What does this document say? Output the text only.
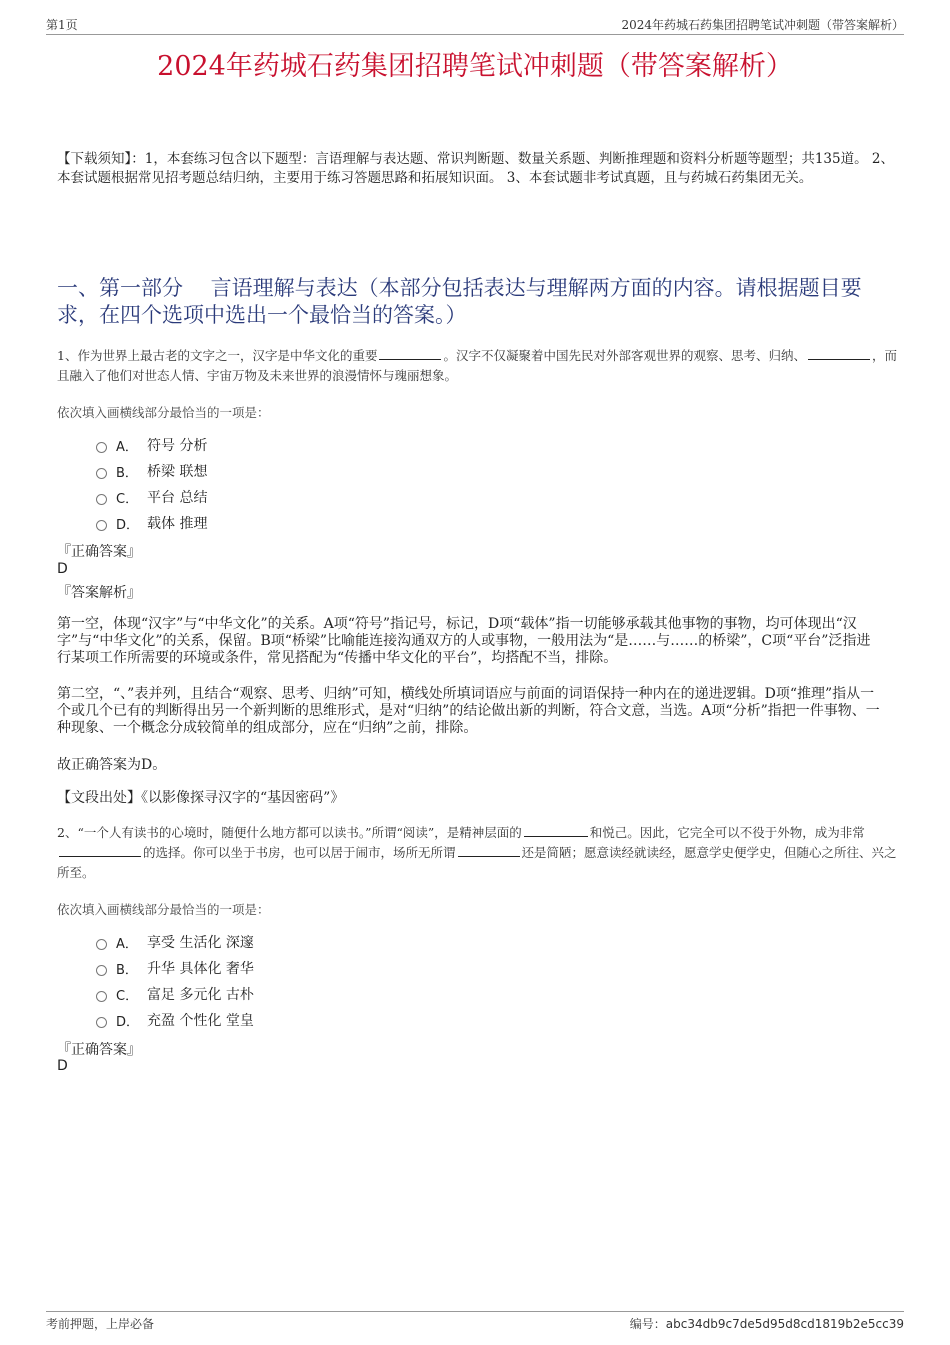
第1页	2024年药城石药集团招聘笔试冲刺题（带答案解析）
2024年药城石药集团招聘笔试冲刺题（带答案解析）
【下载须知】：1，本套练习包含以下题型：言语理解与表达题、常识判断题、数量关系题、判断推理题和资料分析题等题型；共135道。 2、本套试题根据常见招考题总结归纳，主要用于练习答题思路和拓展知识面。 3、本套试题非考试真题，且与药城石药集团无关。
一、第一部分　 言语理解与表达（本部分包括表达与理解两方面的内容。请根据题目要求，在四个选项中选出一个最恰当的答案。）
1、作为世界上最古老的文字之一，汉字是中华文化的重要	。汉字不仅凝聚着中国先民对外部客观世界的观察、思考、归纳、	，而且融入了他们对世态人情、宇宙万物及未来世界的浪漫情怀与瑰丽想象。
依次填入画横线部分最恰当的一项是：
A． 符号 分析
B． 桥梁 联想
C． 平台 总结
D． 载体 推理
『正确答案』
D
『答案解析』
第一空，体现“汉字”与“中华文化”的关系。A项“符号”指记号，标记，D项“载体”指一切能够承载其他事物的事物，均可体现出“汉字”与“中华文化”的关系，保留。B项“桥梁”比喻能连接沟通双方的人或事物，一般用法为“是……与……的桥梁”，C项“平台”泛指进行某项工作所需要的环境或条件，常见搭配为“传播中华文化的平台”，均搭配不当，排除。
第二空，“、”表并列，且结合“观察、思考、归纳”可知，横线处所填词语应与前面的词语保持一种内在的递进逻辑。D项“推理”指从一个或几个已有的判断得出另一个新判断的思维形式，是对“归纳”的结论做出新的判断，符合文意，当选。A项“分析”指把一件事物、一种现象、一个概念分成较简单的组成部分，应在“归纳”之前，排除。
故正确答案为D。
【文段出处】《以影像探寻汉字的“基因密码”》
2、“一个人有读书的心境时，随便什么地方都可以读书。”所谓“阅读”，是精神层面的	和悦己。因此，它完全可以不役于外物，成为非常的选择。你可以坐于书房，也可以居于闹市，场所无所谓	还是简陋；愿意读经就读经，愿意学史便学史，但随心之所往、兴之所至。
依次填入画横线部分最恰当的一项是：
A． 享受 生活化 深邃
B． 升华 具体化 奢华
C． 富足 多元化 古朴
D． 充盈 个性化 堂皇
『正确答案』
D
考前押题，上岸必备	编号：abc34db9c7de5d95d8cd1819b2e5cc39
